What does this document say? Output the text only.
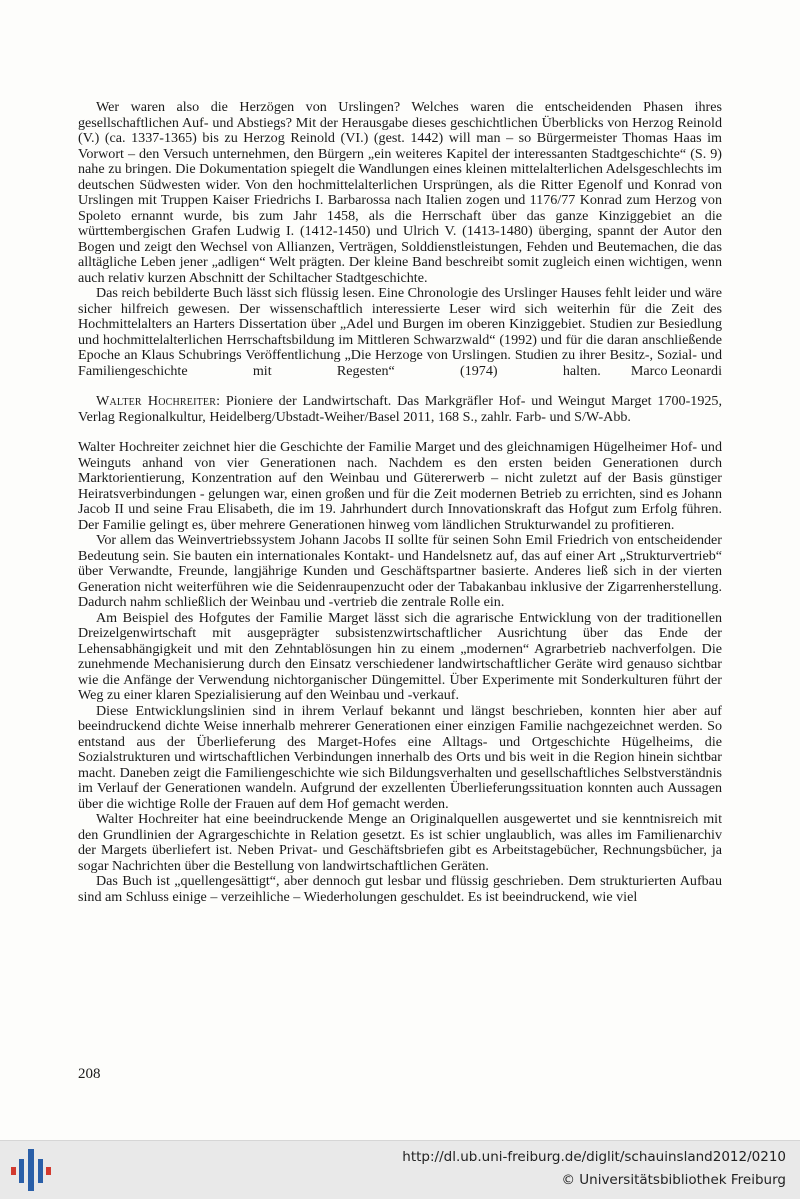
Wer waren also die Herzögen von Urslingen? Welches waren die entscheidenden Phasen ihres gesellschaftlichen Auf- und Abstiegs? Mit der Herausgabe dieses geschichtlichen Überblicks von Herzog Reinold (V.) (ca. 1337-1365) bis zu Herzog Reinold (VI.) (gest. 1442) will man – so Bürgermeister Thomas Haas im Vorwort – den Versuch unternehmen, den Bürgern „ein weiteres Kapitel der interessanten Stadtgeschichte“ (S. 9) nahe zu bringen. Die Dokumentation spiegelt die Wandlungen eines kleinen mittelalterlichen Adelsgeschlechts im deutschen Südwesten wider. Von den hochmittelalterlichen Ursprüngen, als die Ritter Egenolf und Konrad von Urslingen mit Truppen Kaiser Friedrichs I. Barbarossa nach Italien zogen und 1176/77 Konrad zum Herzog von Spoleto ernannt wurde, bis zum Jahr 1458, als die Herrschaft über das ganze Kinziggebiet an die württembergischen Grafen Ludwig I. (1412-1450) und Ulrich V. (1413-1480) überging, spannt der Autor den Bogen und zeigt den Wechsel von Allianzen, Verträgen, Solddienstleistungen, Fehden und Beutemachen, die das alltägliche Leben jener „adligen“ Welt prägten. Der kleine Band beschreibt somit zugleich einen wichtigen, wenn auch relativ kurzen Abschnitt der Schiltacher Stadtgeschichte.

Das reich bebilderte Buch lässt sich flüssig lesen. Eine Chronologie des Urslinger Hauses fehlt leider und wäre sicher hilfreich gewesen. Der wissenschaftlich interessierte Leser wird sich weiterhin für die Zeit des Hochmittelalters an Harters Dissertation über „Adel und Burgen im oberen Kinziggebiet. Studien zur Besiedlung und hochmittelalterlichen Herrschaftsbildung im Mittleren Schwarzwald“ (1992) und für die daran anschließende Epoche an Klaus Schubrings Veröffentlichung „Die Herzoge von Urslingen. Studien zu ihrer Besitz-, Sozial- und Familiengeschichte mit Regesten“ (1974) halten.	Marco Leonardi

Walter Hochreiter: Pioniere der Landwirtschaft. Das Markgräfler Hof- und Weingut Marget 1700-1925, Verlag Regionalkultur, Heidelberg/Ubstadt-Weiher/Basel 2011, 168 S., zahlr. Farb- und S/W-Abb.

Walter Hochreiter zeichnet hier die Geschichte der Familie Marget und des gleichnamigen Hügelheimer Hof- und Weinguts anhand von vier Generationen nach. Nachdem es den ersten beiden Generationen durch Marktorientierung, Konzentration auf den Weinbau und Gütererwerb – nicht zuletzt auf der Basis günstiger Heiratsverbindungen - gelungen war, einen großen und für die Zeit modernen Betrieb zu errichten, sind es Johann Jacob II und seine Frau Elisabeth, die im 19. Jahrhundert durch Innovationskraft das Hofgut zum Erfolg führen. Der Familie gelingt es, über mehrere Generationen hinweg vom ländlichen Strukturwandel zu profitieren.

Vor allem das Weinvertriebssystem Johann Jacobs II sollte für seinen Sohn Emil Friedrich von entscheidender Bedeutung sein. Sie bauten ein internationales Kontakt- und Handelsnetz auf, das auf einer Art „Strukturvertrieb“ über Verwandte, Freunde, langjährige Kunden und Geschäftspartner basierte. Anderes ließ sich in der vierten Generation nicht weiterführen wie die Seidenraupenzucht oder der Tabakanbau inklusive der Zigarrenherstellung. Dadurch nahm schließlich der Weinbau und -vertrieb die zentrale Rolle ein.

Am Beispiel des Hofgutes der Familie Marget lässt sich die agrarische Entwicklung von der traditionellen Dreizelgenwirtschaft mit ausgeprägter subsistenzwirtschaftlicher Ausrichtung über das Ende der Lehensabhängigkeit und mit den Zehntablösungen hin zu einem „modernen“ Agrarbetrieb nachverfolgen. Die zunehmende Mechanisierung durch den Einsatz verschiedener landwirtschaftlicher Geräte wird genauso sichtbar wie die Anfänge der Verwendung nichtorganischer Düngemittel. Über Experimente mit Sonderkulturen führt der Weg zu einer klaren Spezialisierung auf den Weinbau und -verkauf.

Diese Entwicklungslinien sind in ihrem Verlauf bekannt und längst beschrieben, konnten hier aber auf beeindruckend dichte Weise innerhalb mehrerer Generationen einer einzigen Familie nachgezeichnet werden. So entstand aus der Überlieferung des Marget-Hofes eine Alltags- und Ortgeschichte Hügelheims, die Sozialstrukturen und wirtschaftlichen Verbindungen innerhalb des Orts und bis weit in die Region hinein sichtbar macht. Daneben zeigt die Familiengeschichte wie sich Bildungsverhalten und gesellschaftliches Selbstverständnis im Verlauf der Generationen wandeln. Aufgrund der exzellenten Überlieferungssituation konnten auch Aussagen über die wichtige Rolle der Frauen auf dem Hof gemacht werden.

Walter Hochreiter hat eine beeindruckende Menge an Originalquellen ausgewertet und sie kenntnisreich mit den Grundlinien der Agrargeschichte in Relation gesetzt. Es ist schier unglaublich, was alles im Familienarchiv der Margets überliefert ist. Neben Privat- und Geschäftsbriefen gibt es Arbeitstagebücher, Rechnungsbücher, ja sogar Nachrichten über die Bestellung von landwirtschaftlichen Geräten.

Das Buch ist „quellengesättigt“, aber dennoch gut lesbar und flüssig geschrieben. Dem strukturierten Aufbau sind am Schluss einige – verzeihliche – Wiederholungen geschuldet. Es ist beeindruckend, wie viel

208
http://dl.ub.uni-freiburg.de/diglit/schauinsland2012/0210
© Universitätsbibliothek Freiburg
